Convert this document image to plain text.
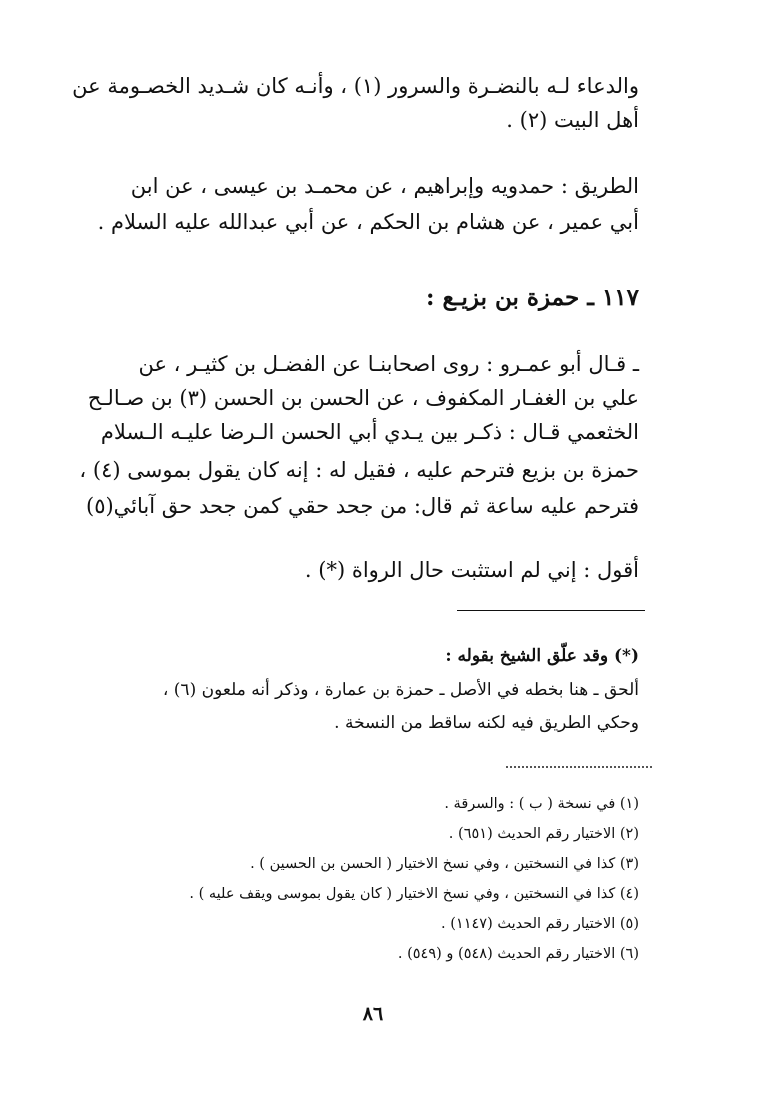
والدعاء لـه بالنضـرة والسرور (١) ، وأنـه كان شـديد الخصـومة عن
أهل البيت (٢) .
الطريق : حمدويه وإبراهيم ، عن محمـد بن عيسى ، عن ابن
أبي عمير ، عن هشام بن الحكم ، عن أبي عبدالله عليه السلام .
١١٧ ـ حمزة بن بزيـع :
ـ قـال أبو عمـرو : روى اصحابنـا عن الفضـل بن كثيـر ، عن
علي بن الغفـار المكفوف ، عن الحسن بن الحسن (٣) بن صـالـح
الخثعمي قـال : ذكـر بين يـدي أبي الحسن الـرضا عليـه الـسلام
حمزة بن بزيع فترحم عليه ، فقيل له : إنه كان يقول بموسى (٤) ،
فترحم عليه ساعة ثم قال: من جحد حقي كمن جحد حق آبائي(٥)
أقول : إني لم استثبت حال الرواة (*) .
(*) وقد علّق الشيخ بقوله :
ألحق ـ هنا بخطه في الأصل ـ حمزة بن عمارة ، وذكر أنه ملعون (٦) ،
وحكي الطريق فيه لكنه ساقط من النسخة .
(١) في نسخة ( ب ) : والسرقة .
(٢) الاختيار رقم الحديث (٦٥١) .
(٣) كذا في النسختين ، وفي نسخ الاختيار ( الحسن بن الحسين ) .
(٤) كذا في النسختين ، وفي نسخ الاختيار ( كان يقول بموسى ويقف عليه ) .
(٥) الاختيار رقم الحديث (١١٤٧) .
(٦) الاختيار رقم الحديث (٥٤٨) و (٥٤٩) .
٨٦
